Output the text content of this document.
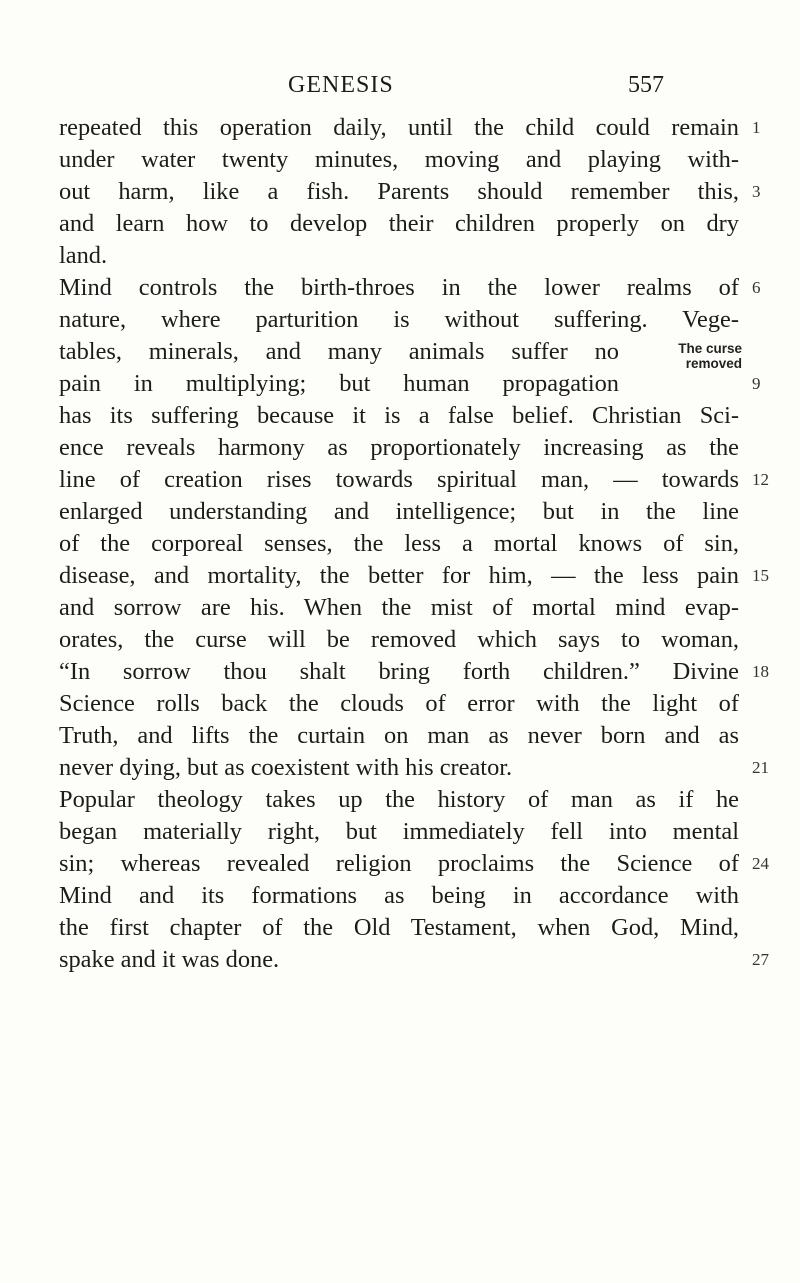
GENESIS	557
repeated this operation daily, until the child could remain
under water twenty minutes, moving and playing with-
out harm, like a fish. Parents should remember this,
and learn how to develop their children properly on dry
land.
Mind controls the birth-throes in the lower realms of
nature, where parturition is without suffering. Vege-
tables, minerals, and many animals suffer no
pain in multiplying; but human propagation
has its suffering because it is a false belief. Christian Sci-
ence reveals harmony as proportionately increasing as the
line of creation rises towards spiritual man, — towards
enlarged understanding and intelligence; but in the line
of the corporeal senses, the less a mortal knows of sin,
disease, and mortality, the better for him, — the less pain
and sorrow are his. When the mist of mortal mind evap-
orates, the curse will be removed which says to woman,
“In sorrow thou shalt bring forth children.” Divine
Science rolls back the clouds of error with the light of
Truth, and lifts the curtain on man as never born and as
never dying, but as coexistent with his creator.
Popular theology takes up the history of man as if he
began materially right, but immediately fell into mental
sin; whereas revealed religion proclaims the Science of
Mind and its formations as being in accordance with
the first chapter of the Old Testament, when God, Mind,
spake and it was done.
The curse
removed
1
3
6
9
12
15
18
21
24
27
